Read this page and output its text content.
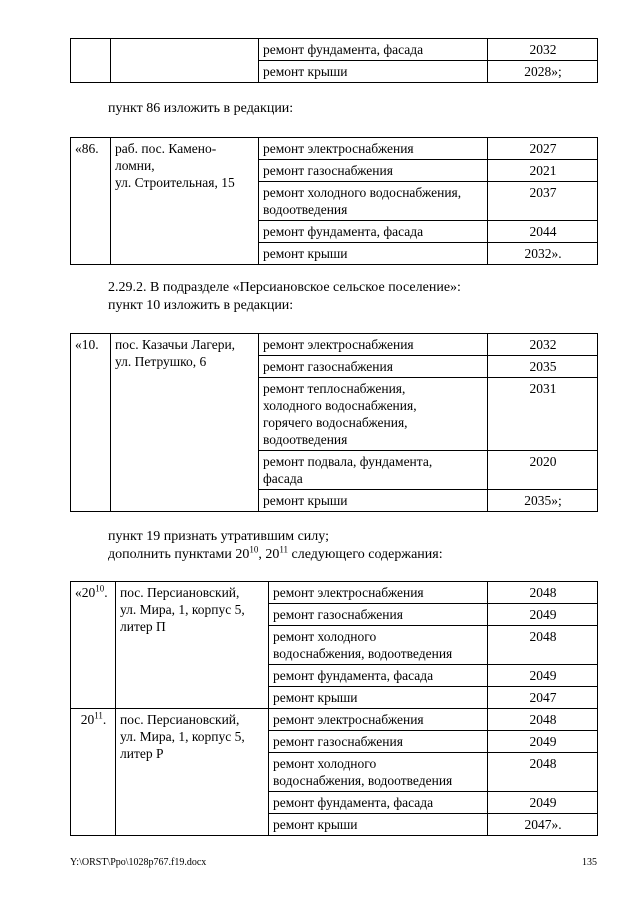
		ремонт фундамента, фасада	2032
		ремонт крыши	2028»;
пункт 86 изложить в редакции:
«86.	раб. пос. Камено-
ломни,
ул. Строительная, 15	ремонт электроснабжения	2027
		ремонт газоснабжения	2021
		ремонт холодного водоснабжения, водоотведения	2037
		ремонт фундамента, фасада	2044
		ремонт крыши	2032».
2.29.2. В подразделе «Персиановское сельское поселение»:
пункт 10 изложить в редакции:
«10.	пос. Казачьи Лагери,
ул. Петрушко, 6	ремонт электроснабжения	2032
		ремонт газоснабжения	2035
		ремонт теплоснабжения,
холодного водоснабжения,
горячего водоснабжения,
водоотведения	2031
		ремонт подвала, фундамента,
фасада	2020
		ремонт крыши	2035»;
пункт 19 признать утратившим силу;
дополнить пунктами $20^{10}$, $20^{11}$ следующего содержания:
«$20^{10}$.	пос. Персиановский,
ул. Мира, 1, корпус 5,
литер П	ремонт электроснабжения	2048
		ремонт газоснабжения	2049
		ремонт холодного
водоснабжения, водоотведения	2048
		ремонт фундамента, фасада	2049
		ремонт крыши	2047
$20^{11}$.	пос. Персиановский,
ул. Мира, 1, корпус 5,
литер Р	ремонт электроснабжения	2048
		ремонт газоснабжения	2049
		ремонт холодного
водоснабжения, водоотведения	2048
		ремонт фундамента, фасада	2049
		ремонт крыши	2047».
Y:\ORST\Ppo\1028p767.f19.docx	135
